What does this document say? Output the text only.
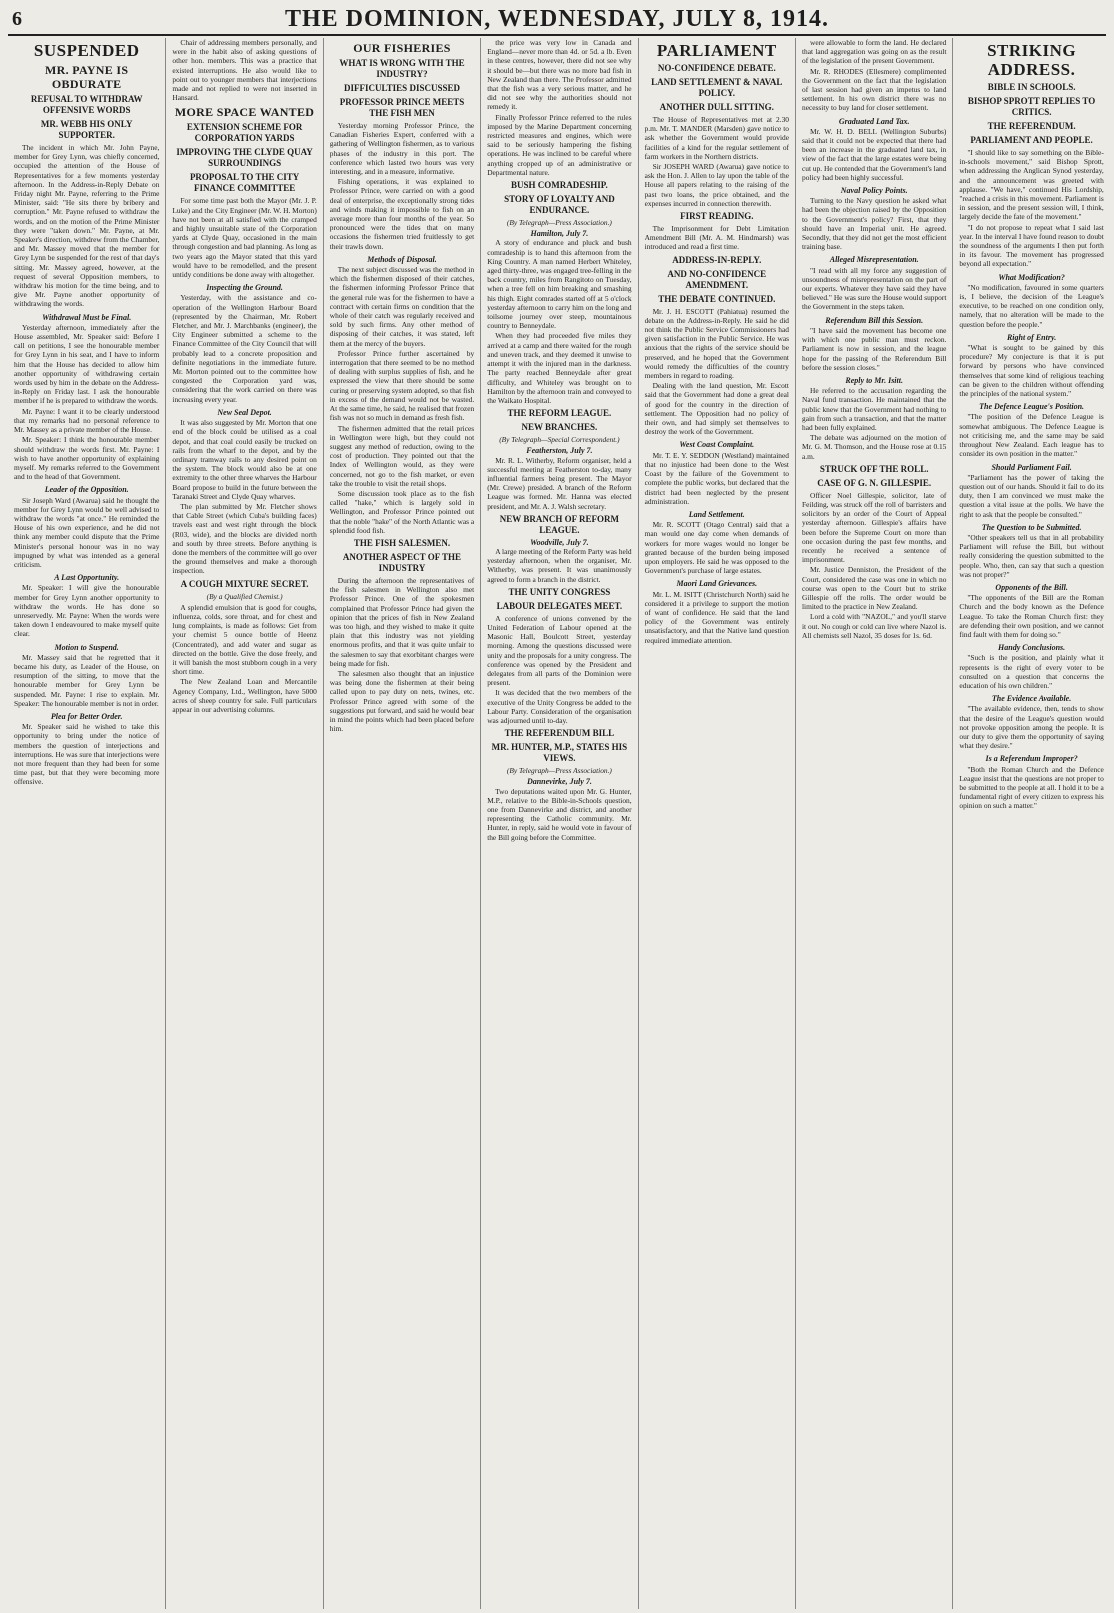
6	THE DOMINION, WEDNESDAY, JULY 8, 1914.
SUSPENDED
MR. PAYNE IS OBDURATE
REFUSAL TO WITHDRAW OFFENSIVE WORDS
MR. WEBB HIS ONLY SUPPORTER.

The incident in which Mr. John Payne, member for Grey Lynn, was chiefly concerned, occupied the attention of the House of Representatives for a few moments yesterday afternoon. In the Address-in-Reply Debate on Friday night Mr. Payne, referring to the Prime Minister, said: "He sits there by bribery and corruption." Mr. Payne refused to withdraw the words, and on the motion of the Prime Minister they were "taken down." Mr. Payne, at Mr. Speaker's direction, withdrew from the Chamber, and Mr. Massey moved that the member for Grey Lynn be suspended for the rest of that day's sitting. Mr. Massey agreed, however, at the request of several Opposition members, to withdraw his motion for the time being, and to give Mr. Payne another opportunity of withdrawing the words.

Withdrawal Must be Final.

Yesterday afternoon, immediately after the House assembled, Mr. Speaker said: Before I call on petitions, I see the honourable member for Grey Lynn in his seat, and I have to inform him that the House has decided to allow him another opportunity of withdrawing certain words used by him in the debate on the Address-in-Reply on Friday last. I ask the honourable member if he is prepared to withdraw the words.

Mr. Payne: I want it to be clearly understood that my remarks had no personal reference to Mr. Massey as a private member of the House.

Mr. Speaker: I think the honourable member should withdraw the words first. Mr. Payne: I wish to have another opportunity of explaining myself. My remarks referred to the Government and to the head of that Government.

Leader of the Opposition.

Sir Joseph Ward (Awarua) said he thought the member for Grey Lynn would be well advised to withdraw the words "at once." He reminded the House of his own experience, and he did not think any member could dispute that the Prime Minister's personal honour was in no way impugned by what was intended as a general criticism.

A Last Opportunity.

Mr. Speaker: I will give the honourable member for Grey Lynn another opportunity to withdraw the words. He has done so unreservedly. Mr. Payne: When the words were taken down I endeavoured to make myself quite clear.

Motion to Suspend.

Mr. Massey said that he regretted that it became his duty, as Leader of the House, on resumption of the sitting, to move that the honourable member for Grey Lynn be suspended. Mr. Payne: I rise to explain. Mr. Speaker: The honourable member is not in order.

Plea for Better Order.

Mr. Speaker said he wished to take this opportunity to bring under the notice of members the question of interjections and interruptions. He was sure that interjections were not more frequent than they had been for some time past, but that they were becoming more offensive.

Chair of addressing members personally, and were in the habit also of asking questions of other hon. members. This was a practice that existed interruptions. He also would like to point out to younger members that interjections made and not replied to were not inserted in Hansard.

MORE SPACE WANTED
EXTENSION SCHEME FOR CORPORATION YARDS
IMPROVING THE CLYDE QUAY SURROUNDINGS
PROPOSAL TO THE CITY FINANCE COMMITTEE

For some time past both the Mayor (Mr. J. P. Luke) and the City Engineer (Mr. W. H. Morton) have not been at all satisfied with the cramped and highly unsuitable state of the Corporation yards at Clyde Quay, occasioned in the main through congestion and bad planning. As long as two years ago the Mayor stated that this yard would have to be remodelled, and the present untidy conditions be done away with altogether.

Inspecting the Ground.

Yesterday, with the assistance and co-operation of the Wellington Harbour Board (represented by the Chairman, Mr. Robert Fletcher, and Mr. J. Marchbanks (engineer), the City Engineer submitted a scheme to the Finance Committee of the City Council that will probably lead to a concrete proposition and definite negotiations in the immediate future. Mr. Morton pointed out to the committee how congested the Corporation yard was, considering that the work carried on there was increasing every year.

New Seal Depot.

It was also suggested by Mr. Morton that one end of the block could be utilised as a coal depot, and that coal could easily be trucked on rails from the wharf to the depot, and by the ordinary tramway rails to any desired point on the system. The block would also be at one extremity to the other three wharves the Harbour Board propose to build in the future between the Taranaki Street and Clyde Quay wharves.

The plan submitted by Mr. Fletcher shows that Cable Street (which Cuba's building faces) travels east and west right through the block (R03, wide), and the blocks are divided north and south by three streets. Before anything is done the members of the committee will go over the ground themselves and make a thorough inspection.

A COUGH MIXTURE SECRET.
(By a Qualified Chemist.)

A splendid emulsion that is good for coughs, influenza, colds, sore throat, and for chest and lung complaints, is made as follows: Get from your chemist 5 ounce bottle of Heenz (Concentrated), and add water and sugar as directed on the bottle. Give the dose freely, and it will banish the most stubborn cough in a very short time.

The New Zealand Loan and Mercantile Agency Company, Ltd., Wellington, have 5000 acres of sheep country for sale. Full particulars appear in our advertising columns.

OUR FISHERIES
WHAT IS WRONG WITH THE INDUSTRY?
DIFFICULTIES DISCUSSED
PROFESSOR PRINCE MEETS THE FISH MEN

Yesterday morning Professor Prince, the Canadian Fisheries Expert, conferred with a gathering of Wellington fishermen, as to various phases of the industry in this port. The conference which lasted two hours was very interesting, and in a measure, informative.

Fishing operations, it was explained to Professor Prince, were carried on with a good deal of enterprise, the exceptionally strong tides and winds making it impossible to fish on an average more than four months of the year. So pronounced were the tides that on many occasions the fishermen tried fruitlessly to get their trawls down.

Methods of Disposal.

The next subject discussed was the method in which the fishermen disposed of their catches, the fishermen informing Professor Prince that the general rule was for the fishermen to have a contract with certain firms on condition that the whole of their catch was regularly received and sold by such firms. Any other method of disposing of their catches, it was stated, left them at the mercy of the buyers.

Professor Prince further ascertained by interrogation that there seemed to be no method of dealing with surplus supplies of fish, and he expressed the view that there should be some curing or preserving system adopted, so that fish in excess of the demand would not be wasted. At the same time, he said, he realised that frozen fish was not so much in demand as fresh fish.

The fishermen admitted that the retail prices in Wellington were high, but they could not suggest any method of reduction, owing to the cost of production. They pointed out that the Index of Wellington would, as they were concerned, not go to the fish market, or even take the trouble to visit the retail shops.

Some discussion took place as to the fish called "hake," which is largely sold in Wellington, and Professor Prince pointed out that the noble "hake" of the North Atlantic was a splendid food fish.

THE FISH SALESMEN.
ANOTHER ASPECT OF THE INDUSTRY

During the afternoon the representatives of the fish salesmen in Wellington also met Professor Prince. One of the spokesmen complained that Professor Prince had given the opinion that the prices of fish in New Zealand was too high, and they wished to make it quite plain that this industry was not yielding enormous profits, and that it was quite unfair to the salesmen to say that exorbitant charges were being made for fish.

The salesmen also thought that an injustice was being done the fishermen at their being called upon to pay duty on nets, twines, etc. Professor Prince agreed with some of the suggestions put forward, and said he would bear in mind the points which had been placed before him.

the price was very low in Canada and England—never more than 4d. or 5d. a lb. Even in these centres, however, there did not see why it should be—but there was no more bad fish in New Zealand than there. The Professor admitted that the fish was a very serious matter, and he did not see why the authorities should not remedy it.

Finally Professor Prince referred to the rules imposed by the Marine Department concerning restricted measures and engines, which were said to be seriously hampering the fishing operations. He was inclined to be careful where anything cropped up of an administrative or Departmental nature.

BUSH COMRADESHIP.
STORY OF LOYALTY AND ENDURANCE.
(By Telegraph—Press Association.)
Hamilton, July 7.

A story of endurance and pluck and bush comradeship is to hand this afternoon from the King Country. A man named Herbert Whiteley, aged thirty-three, was engaged tree-felling in the back country, miles from Rangitoto on Tuesday, when a tree fell on him breaking and smashing his thigh. Eight comrades started off at 5 o'clock yesterday afternoon to carry him on the long and toilsome journey over steep, mountainous country to Benneydale.

When they had proceeded five miles they arrived at a camp and there waited for the rough and uneven track, and they deemed it unwise to attempt it with the injured man in the darkness. The party reached Benneydale after great difficulty, and Whiteley was brought on to Hamilton by the afternoon train and conveyed to the Waikato Hospital.

THE REFORM LEAGUE.
NEW BRANCHES.
(By Telegraph—Special Correspondent.)
Featherston, July 7.

Mr. R. L. Witherby, Reform organiser, held a successful meeting at Featherston to-day, many influential farmers being present. The Mayor (Mr. Crewe) presided. A branch of the Reform League was formed. Mr. Hanna was elected president, and Mr. A. J. Walsh secretary.

NEW BRANCH OF REFORM LEAGUE.
Woodville, July 7.

A large meeting of the Reform Party was held yesterday afternoon, when the organiser, Mr. Witherby, was present. It was unanimously agreed to form a branch in the district.

THE UNITY CONGRESS
LABOUR DELEGATES MEET.

A conference of unions convened by the United Federation of Labour opened at the Masonic Hall, Boulcott Street, yesterday morning. Among the questions discussed were unity and the proposals for a unity congress. The conference was opened by the President and delegates from all parts of the Dominion were present.

It was decided that the two members of the executive of the Unity Congress be added to the Labour Party. Consideration of the organisation was adjourned until to-day.

THE REFERENDUM BILL
MR. HUNTER, M.P., STATES HIS VIEWS.
(By Telegraph—Press Association.)
Dannevirke, July 7.

Two deputations waited upon Mr. G. Hunter, M.P., relative to the Bible-in-Schools question, one from Dannevirke and district, and another representing the Catholic community. Mr. Hunter, in reply, said he would vote in favour of the Bill going before the Committee.

PARLIAMENT
NO-CONFIDENCE DEBATE.
LAND SETTLEMENT & NAVAL POLICY.
ANOTHER DULL SITTING.

The House of Representatives met at 2.30 p.m. Mr. T. MANDER (Marsden) gave notice to ask whether the Government would provide facilities of a kind for the regular settlement of farm workers in the Northern districts.

Sir JOSEPH WARD (Awarua) gave notice to ask the Hon. J. Allen to lay upon the table of the House all papers relating to the raising of the past two loans, the price obtained, and the expenses incurred in connection therewith.

FIRST READING.

The Imprisonment for Debt Limitation Amendment Bill (Mr. A. M. Hindmarsh) was introduced and read a first time.

ADDRESS-IN-REPLY.
AND NO-CONFIDENCE AMENDMENT.
THE DEBATE CONTINUED.

Mr. J. H. ESCOTT (Pahiatua) resumed the debate on the Address-in-Reply. He said he did not think the Public Service Commissioners had given satisfaction in the Public Service. He was anxious that the rights of the service should be preserved, and he hoped that the Government would remedy the difficulties of the country members in regard to roading.

Dealing with the land question, Mr. Escott said that the Government had done a great deal of good for the country in the direction of settlement. The Opposition had no policy of their own, and had simply set themselves to destroy the work of the Government.

West Coast Complaint.

Mr. T. E. Y. SEDDON (Westland) maintained that no injustice had been done to the West Coast by the failure of the Government to complete the public works, but declared that the district had been neglected by the present administration.

Land Settlement.

Mr. R. SCOTT (Otago Central) said that a man would one day come when demands of workers for more wages would no longer be granted because of the burden being imposed upon employers. He said he was opposed to the Government's purchase of large estates.

Maori Land Grievances.

Mr. L. M. ISITT (Christchurch North) said he considered it a privilege to support the motion of want of confidence. He said that the land policy of the Government was entirely unsatisfactory, and that the Native land question required immediate attention.

were allowable to form the land. He declared that land aggregation was going on as the result of the legislation of the present Government.

Mr. R. RHODES (Ellesmere) complimented the Government on the fact that the legislation of last session had given an impetus to land settlement. In his own district there was no necessity to buy land for closer settlement.

Graduated Land Tax.

Mr. W. H. D. BELL (Wellington Suburbs) said that it could not be expected that there had been an increase in the graduated land tax, in view of the fact that the large estates were being cut up. He contended that the Government's land policy had been highly successful.

Naval Policy Points.

Turning to the Navy question he asked what had been the objection raised by the Opposition to the Government's policy? First, that they should have an Imperial unit. He agreed. Secondly, that they did not get the most efficient training base.

Alleged Misrepresentation.

"I read with all my force any suggestion of unsoundness of misrepresentation on the part of our experts. Whatever they have said they have believed." He was sure the House would support the Government in the steps taken.

Referendum Bill this Session.

"I have said the movement has become one with which one public man must reckon. Parliament is now in session, and the league hope for the passing of the Referendum Bill before the session closes."

Reply to Mr. Isitt.

He referred to the accusation regarding the Naval fund transaction. He maintained that the public knew that the Government had nothing to gain from such a transaction, and that the matter had been fully explained.

The debate was adjourned on the motion of Mr. G. M. Thomson, and the House rose at 0.15 a.m.

STRUCK OFF THE ROLL.
CASE OF G. N. GILLESPIE.

Officer Noel Gillespie, solicitor, late of Feilding, was struck off the roll of barristers and solicitors by an order of the Court of Appeal yesterday afternoon. Gillespie's affairs have been before the Supreme Court on more than one occasion during the past few months, and recently he received a sentence of imprisonment.

Mr. Justice Denniston, the President of the Court, considered the case was one in which no course was open to the Court but to strike Gillespie off the rolls. The order would be limited to the practice in New Zealand.

Lord a cold with "NAZOL," and you'll starve it out. No cough or cold can live where Nazol is. All chemists sell Nazol, 35 doses for 1s. 6d.

STRIKING ADDRESS.
BIBLE IN SCHOOLS.
BISHOP SPROTT REPLIES TO CRITICS.
THE REFERENDUM.
PARLIAMENT AND PEOPLE.

"I should like to say something on the Bible-in-schools movement," said Bishop Sprott, when addressing the Anglican Synod yesterday, and the announcement was greeted with applause. "We have," continued His Lordship, "reached a crisis in this movement. Parliament is in session, and the present session will, I think, largely decide the fate of the movement."

"I do not propose to repeat what I said last year. In the interval I have found reason to doubt the soundness of the arguments I then put forth in its favour. The movement has progressed beyond all expectation."

What Modification?

"No modification, favoured in some quarters is, I believe, the decision of the League's executive, to be reached on one condition only, namely, that no alteration will be made to the question before the people."

Right of Entry.

"What is sought to be gained by this procedure? My conjecture is that it is put forward by persons who have convinced themselves that some kind of religious teaching can be given to the children without offending the principles of the national system."

The Defence League's Position.

"The position of the Defence League is somewhat ambiguous. The Defence League is not criticising me, and the same may be said throughout New Zealand. Each league has to consider its own position in the matter."

Should Parliament Fail.

"Parliament has the power of taking the question out of our hands. Should it fail to do its duty, then I am convinced we must make the question a vital issue at the polls. We have the right to ask that the people be consulted."

The Question to be Submitted.

"Other speakers tell us that in all probability Parliament will refuse the Bill, but without really considering the question submitted to the people. Who, then, can say that such a question was not proper?"

Opponents of the Bill.

"The opponents of the Bill are the Roman Church and the body known as the Defence League. To take the Roman Church first: they are defending their own position, and we cannot find fault with them for doing so."

Handy Conclusions.

"Such is the position, and plainly what it represents is the right of every voter to be consulted on a question that concerns the education of his own children."

The Evidence Available.

"The available evidence, then, tends to show that the desire of the League's question would not provoke opposition among the people. It is our duty to give them the opportunity of saying what they desire."

Is a Referendum Improper?

"Both the Roman Church and the Defence League insist that the questions are not proper to be submitted to the people at all. I hold it to be a fundamental right of every citizen to express his opinion on such a matter."
